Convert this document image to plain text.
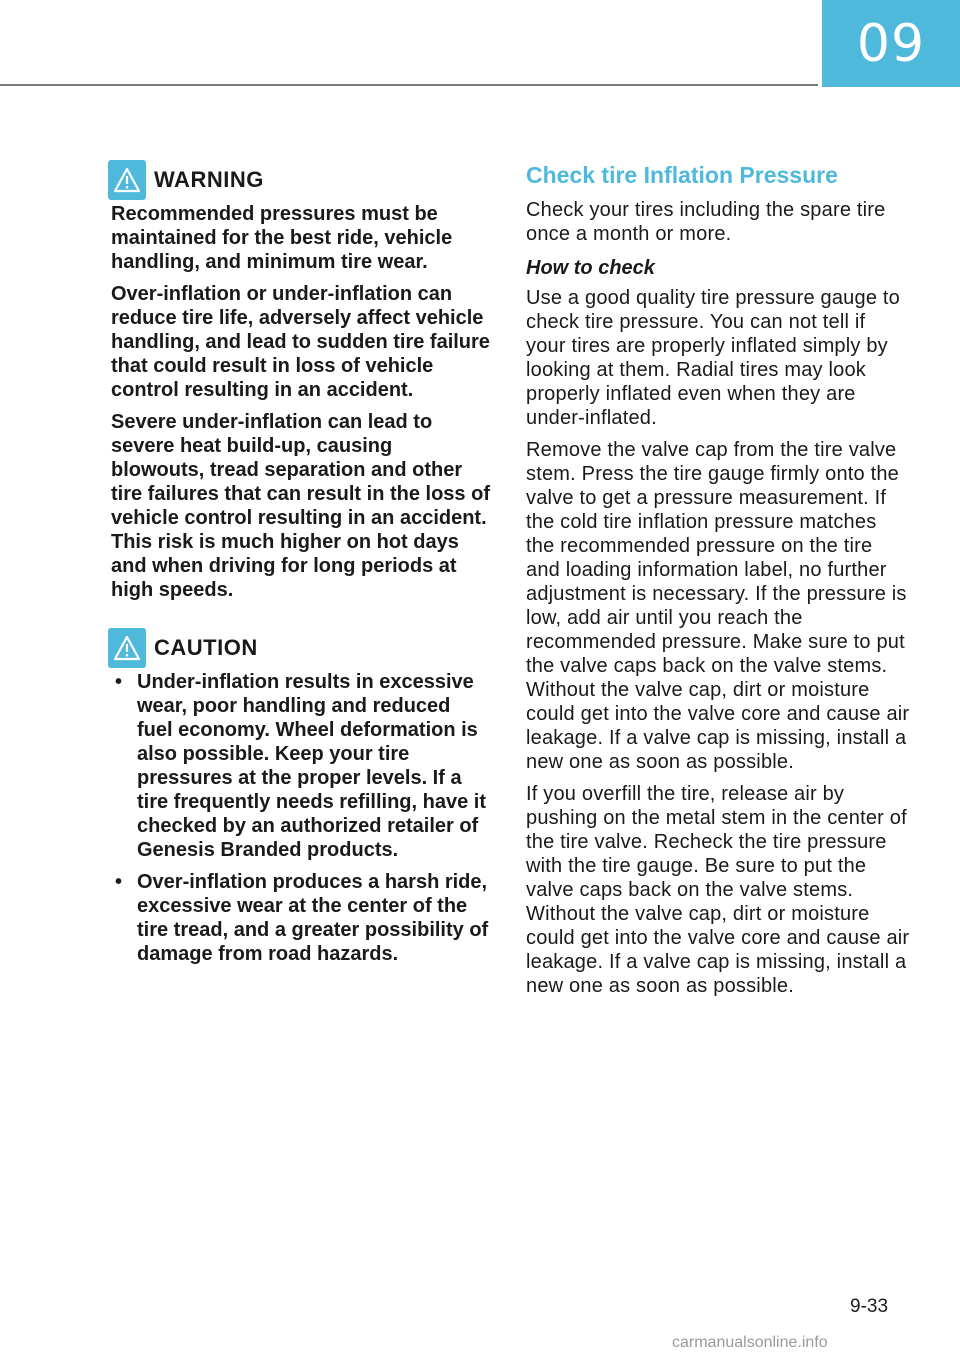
09
WARNING

Recommended pressures must be maintained for the best ride, vehicle handling, and minimum tire wear.

Over-inflation or under-inflation can reduce tire life, adversely affect vehicle handling, and lead to sudden tire failure that could result in loss of vehicle control resulting in an accident.

Severe under-inflation can lead to severe heat build-up, causing blowouts, tread separation and other tire failures that can result in the loss of vehicle control resulting in an accident. This risk is much higher on hot days and when driving for long periods at high speeds.

CAUTION
• Under-inflation results in excessive wear, poor handling and reduced fuel economy. Wheel deformation is also possible. Keep your tire pressures at the proper levels. If a tire frequently needs refilling, have it checked by an authorized retailer of Genesis Branded products.
• Over-inflation produces a harsh ride, excessive wear at the center of the tire tread, and a greater possibility of damage from road hazards.
Check tire Inflation Pressure

Check your tires including the spare tire once a month or more.

How to check

Use a good quality tire pressure gauge to check tire pressure. You can not tell if your tires are properly inflated simply by looking at them. Radial tires may look properly inflated even when they are under-inflated.

Remove the valve cap from the tire valve stem. Press the tire gauge firmly onto the valve to get a pressure measurement. If the cold tire inflation pressure matches the recommended pressure on the tire and loading information label, no further adjustment is necessary. If the pressure is low, add air until you reach the recommended pressure. Make sure to put the valve caps back on the valve stems. Without the valve cap, dirt or moisture could get into the valve core and cause air leakage. If a valve cap is missing, install a new one as soon as possible.

If you overfill the tire, release air by pushing on the metal stem in the center of the tire valve. Recheck the tire pressure with the tire gauge. Be sure to put the valve caps back on the valve stems. Without the valve cap, dirt or moisture could get into the valve core and cause air leakage. If a valve cap is missing, install a new one as soon as possible.

9-33
carmanualsonline.info
